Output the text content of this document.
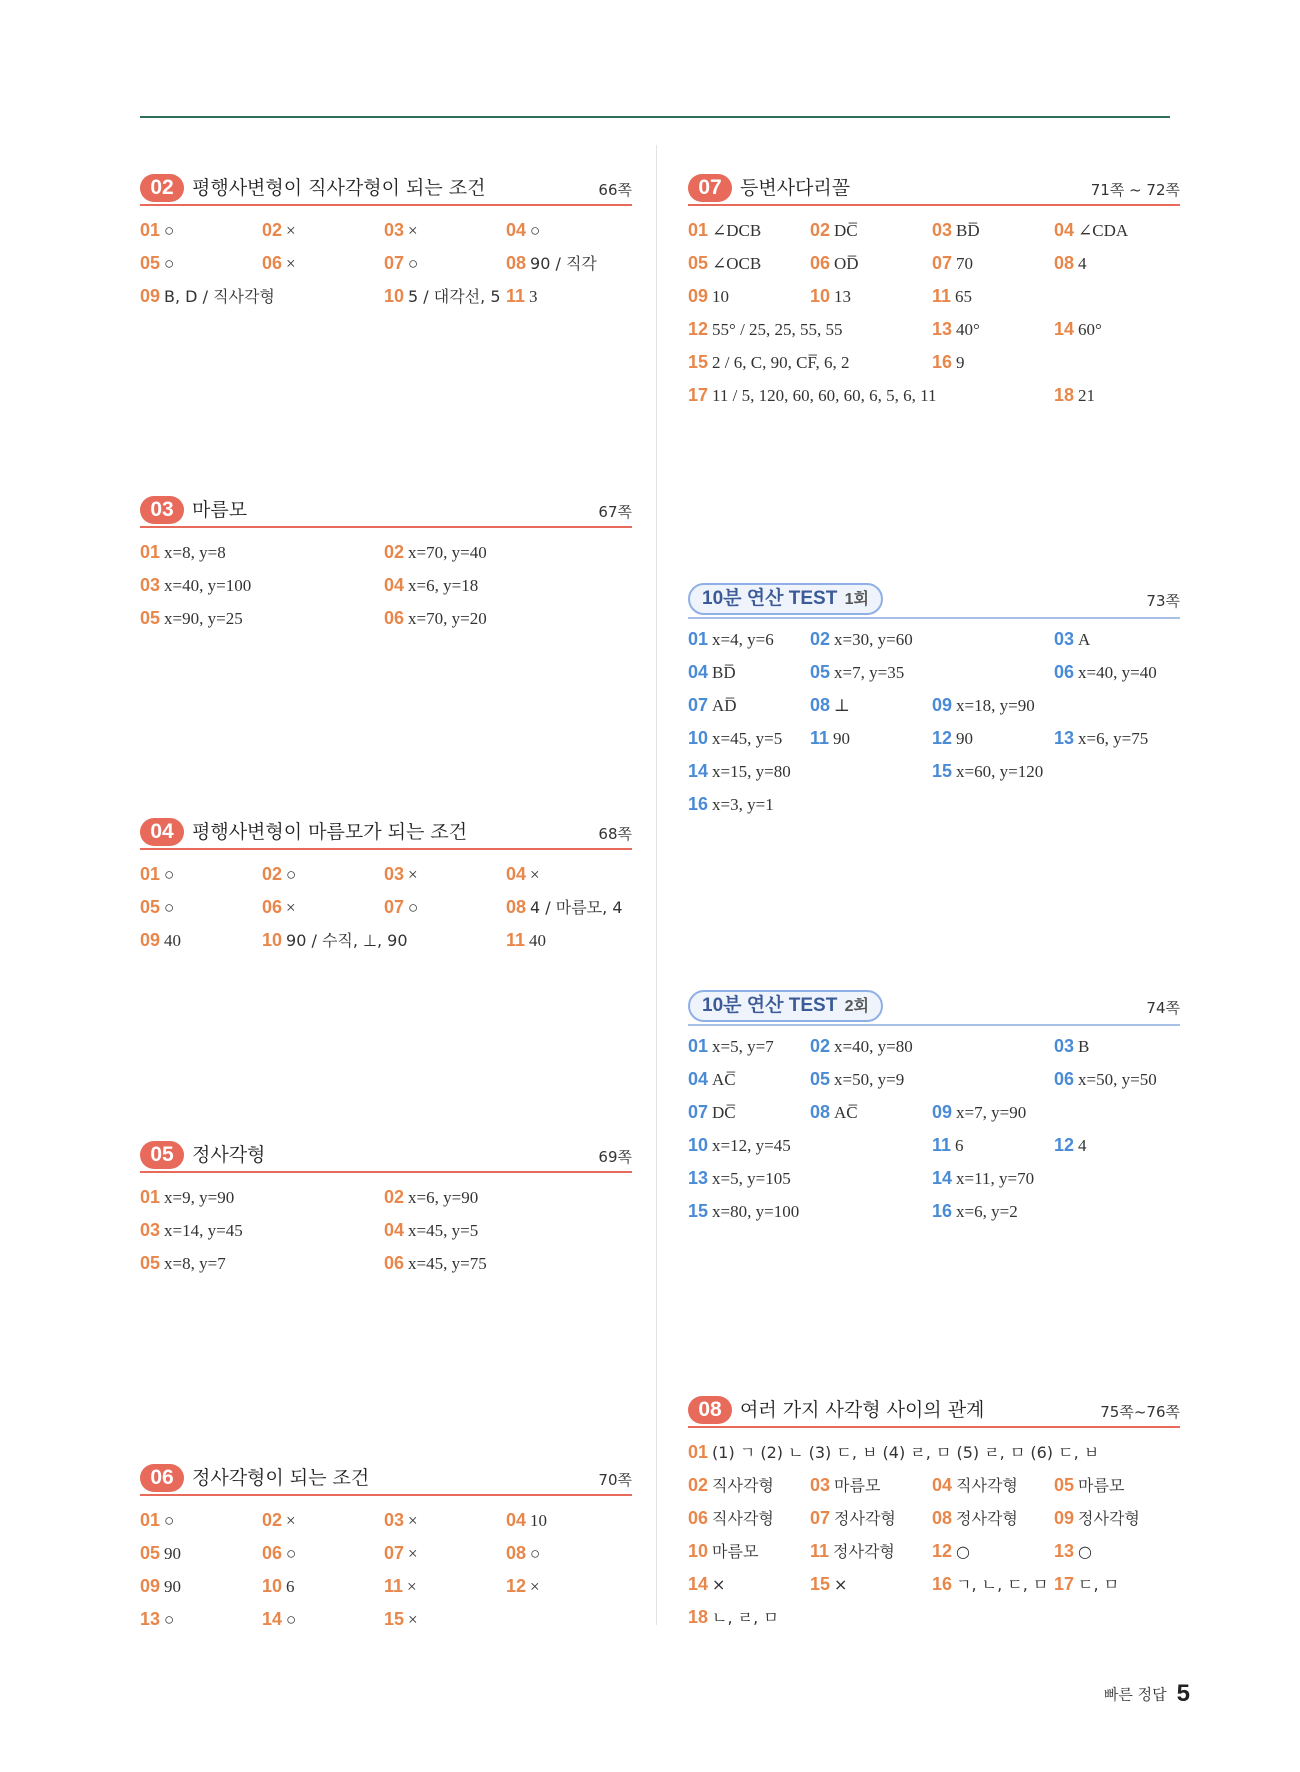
02 평행사변형이 직사각형이 되는 조건	66쪽
01 ○	02 ×	03 ×	04 ○
05 ○	06 ×	07 ○	08 90 / 직각
09 B, D / 직사각형	10 5 / 대각선, 5 11 3
03 마름모	67쪽
01 x=8, y=8	02 x=70, y=40
03 x=40, y=100	04 x=6, y=18
05 x=90, y=25	06 x=70, y=20
04 평행사변형이 마름모가 되는 조건	68쪽
01 ○	02 ○	03 ×	04 ×
05 ○	06 ×	07 ○	08 4 / 마름모, 4
09 40	10 90 / 수직, ⊥, 90	11 40
05 정사각형	69쪽
01 x=9, y=90	02 x=6, y=90
03 x=14, y=45	04 x=45, y=5
05 x=8, y=7	06 x=45, y=75
06 정사각형이 되는 조건	70쪽
01 ○	02 ×	03 ×	04 10
05 90	06 ○	07 ×	08 ○
09 90	10 6	11 ×	12 ×
13 ○	14 ○	15 ×
07 등변사다리꼴	71쪽 ~ 72쪽
01 ∠DCB	02 DC̅	03 BD̅	04 ∠CDA
05 ∠OCB	06 OD̅	07 70	08 4
09 10	10 13	11 65
12 55° / 25, 25, 55, 55	13 40°	14 60°
15 2 / 6, C, 90, CF̅, 6, 2	16 9
17 11 / 5, 120, 60, 60, 60, 6, 5, 6, 11	18 21
10분 연산 TEST 1회	73쪽
01 x=4, y=6 02 x=30, y=60	03 A
04 BD̅	05 x=7, y=35	06 x=40, y=40
07 AD̅	08 ⊥	09 x=18, y=90
10 x=45, y=5 11 90	12 90	13 x=6, y=75
14 x=15, y=80	15 x=60, y=120
16 x=3, y=1
10분 연산 TEST 2회	74쪽
01 x=5, y=7 02 x=40, y=80	03 B
04 AC̅	05 x=50, y=9	06 x=50, y=50
07 DC̅	08 AC̅	09 x=7, y=90
10 x=12, y=45	11 6	12 4
13 x=5, y=105	14 x=11, y=70
15 x=80, y=100	16 x=6, y=2
08 여러 가지 사각형 사이의 관계	75쪽~76쪽
01 (1) ㄱ (2) ㄴ (3) ㄷ, ㅂ (4) ㄹ, ㅁ (5) ㄹ, ㅁ (6) ㄷ, ㅂ
02 직사각형 03 마름모	04 직사각형 05 마름모
06 직사각형 07 정사각형 08 정사각형 09 정사각형
10 마름모	11 정사각형 12 ○	13 ○
14 ×	15 ×	16 ㄱ, ㄴ, ㄷ, ㅁ 17 ㄷ, ㅁ
18 ㄴ, ㄹ, ㅁ
빠른 정답 5
